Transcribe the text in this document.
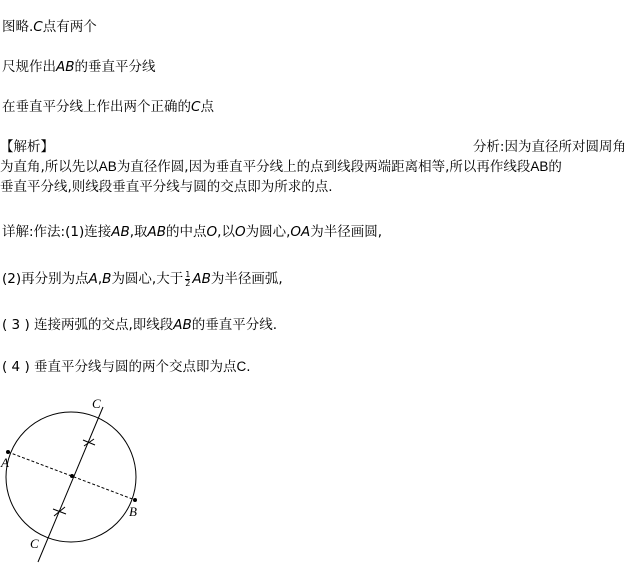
图略.C点有两个
尺规作出AB的垂直平分线
在垂直平分线上作出两个正确的C点
【解析】	分析:因为直径所对圆周角
为直角,所以先以AB为直径作圆,因为垂直平分线上的点到线段两端距离相等,所以再作线段AB的
垂直平分线,则线段垂直平分线与圆的交点即为所求的点.
详解:作法:(1)连接AB,取AB的中点O,以O为圆心,OA为半径画圆,
(2)再分别为点A,B为圆心,大于 $\frac{1}{2}$ AB为半径画弧,
( 3 ) 连接两弧的交点,即线段AB的垂直平分线.
( 4 ) 垂直平分线与圆的两个交点即为点C.
C
C
A
B
